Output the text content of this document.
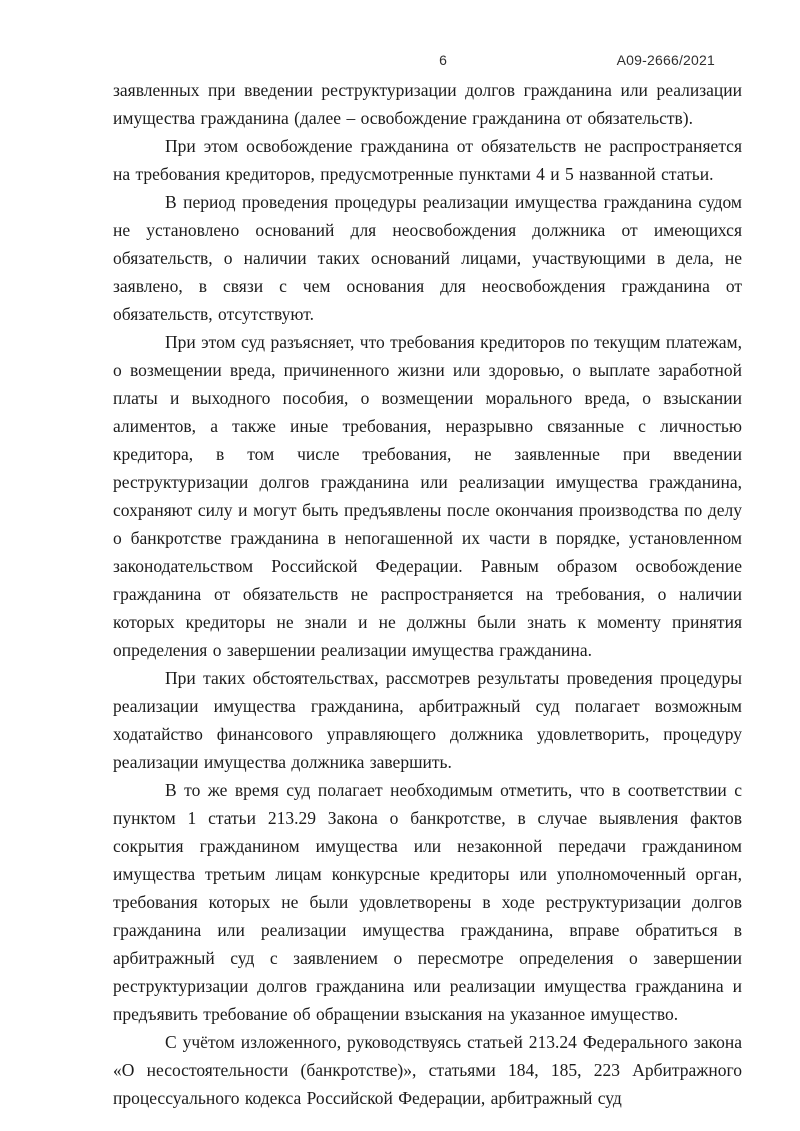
6	А09-2666/2021

заявленных при введении реструктуризации долгов гражданина или реализации имущества гражданина (далее – освобождение гражданина от обязательств).

При этом освобождение гражданина от обязательств не распространяется на требования кредиторов, предусмотренные пунктами 4 и 5 названной статьи.

В период проведения процедуры реализации имущества гражданина судом не установлено оснований для неосвобождения должника от имеющихся обязательств, о наличии таких оснований лицами, участвующими в дела, не заявлено, в связи с чем основания для неосвобождения гражданина от обязательств, отсутствуют.

При этом суд разъясняет, что требования кредиторов по текущим платежам, о возмещении вреда, причиненного жизни или здоровью, о выплате заработной платы и выходного пособия, о возмещении морального вреда, о взыскании алиментов, а также иные требования, неразрывно связанные с личностью кредитора, в том числе требования, не заявленные при введении реструктуризации долгов гражданина или реализации имущества гражданина, сохраняют силу и могут быть предъявлены после окончания производства по делу о банкротстве гражданина в непогашенной их части в порядке, установленном законодательством Российской Федерации. Равным образом освобождение гражданина от обязательств не распространяется на требования, о наличии которых кредиторы не знали и не должны были знать к моменту принятия определения о завершении реализации имущества гражданина.

При таких обстоятельствах, рассмотрев результаты проведения процедуры реализации имущества гражданина, арбитражный суд полагает возможным ходатайство финансового управляющего должника удовлетворить, процедуру реализации имущества должника завершить.

В то же время суд полагает необходимым отметить, что в соответствии с пунктом 1 статьи 213.29 Закона о банкротстве, в случае выявления фактов сокрытия гражданином имущества или незаконной передачи гражданином имущества третьим лицам конкурсные кредиторы или уполномоченный орган, требования которых не были удовлетворены в ходе реструктуризации долгов гражданина или реализации имущества гражданина, вправе обратиться в арбитражный суд с заявлением о пересмотре определения о завершении реструктуризации долгов гражданина или реализации имущества гражданина и предъявить требование об обращении взыскания на указанное имущество.

С учётом изложенного, руководствуясь статьей 213.24 Федерального закона «О несостоятельности (банкротстве)», статьями 184, 185, 223 Арбитражного процессуального кодекса Российской Федерации, арбитражный суд
